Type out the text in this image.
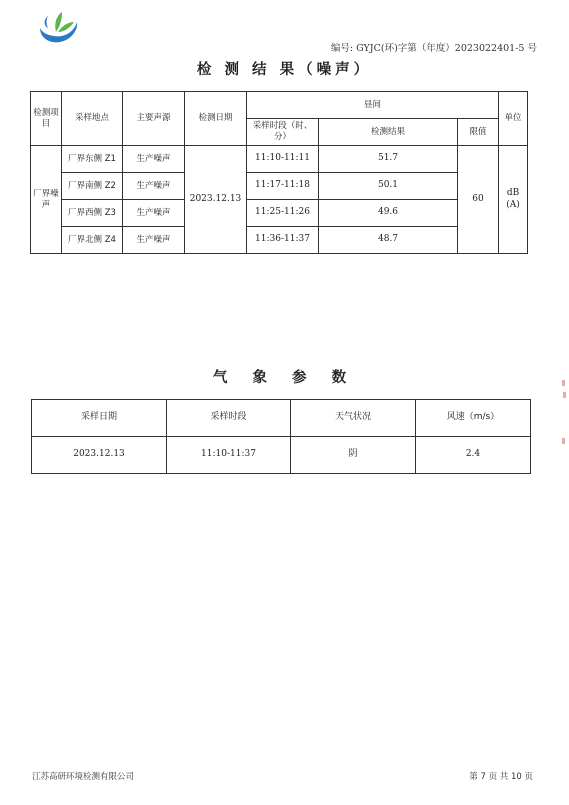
编号: GYJC(环)字第（年度）2023022401-5 号
检 测 结 果（噪声）
检测项目	采样地点	主要声源	检测日期	昼间			单位
				采样时段（时、分）	检测结果	限值	
厂界噪声	厂界东侧 Z1	生产噪声	2023.12.13	11:10-11:11	51.7	60	dB (A)
	厂界南侧 Z2	生产噪声		11:17-11:18	50.1		
	厂界西侧 Z3	生产噪声		11:25-11:26	49.6		
	厂界北侧 Z4	生产噪声		11:36-11:37	48.7		
气 象 参 数
采样日期	采样时段	天气状况	风速（m/s）
2023.12.13	11:10-11:37	阴	2.4
江苏高研环境检测有限公司	第 7 页 共 10 页
